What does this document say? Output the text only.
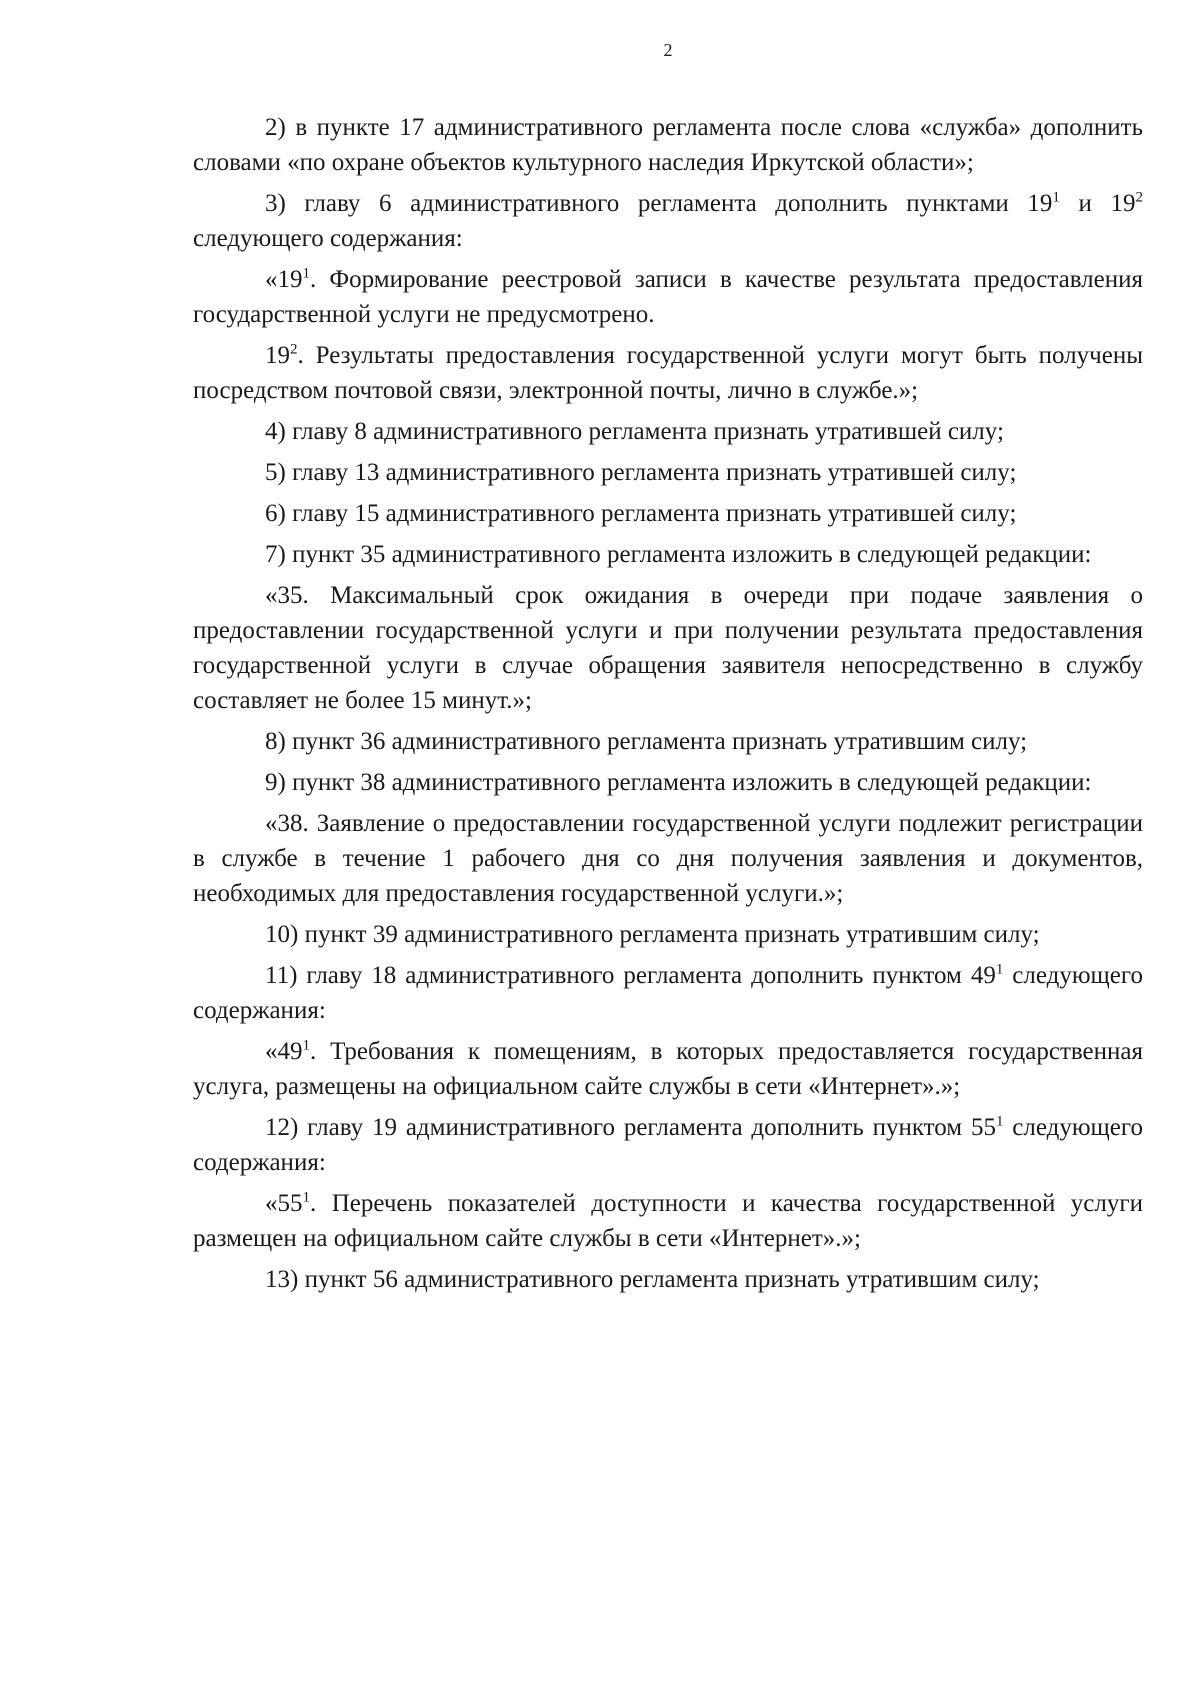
2

2) в пункте 17 административного регламента после слова «служба» дополнить словами «по охране объектов культурного наследия Иркутской области»;

3) главу 6 административного регламента дополнить пунктами $19^1$ и $19^2$ следующего содержания:

«$19^1$. Формирование реестровой записи в качестве результата предоставления государственной услуги не предусмотрено.

$19^2$. Результаты предоставления государственной услуги могут быть получены посредством почтовой связи, электронной почты, лично в службе.»;

4) главу 8 административного регламента признать утратившей силу;

5) главу 13 административного регламента признать утратившей силу;

6) главу 15 административного регламента признать утратившей силу;

7) пункт 35 административного регламента изложить в следующей редакции:

«35. Максимальный срок ожидания в очереди при подаче заявления о предоставлении государственной услуги и при получении результата предоставления государственной услуги в случае обращения заявителя непосредственно в службу составляет не более 15 минут.»;

8) пункт 36 административного регламента признать утратившим силу;

9) пункт 38 административного регламента изложить в следующей редакции:

«38. Заявление о предоставлении государственной услуги подлежит регистрации в службе в течение 1 рабочего дня со дня получения заявления и документов, необходимых для предоставления государственной услуги.»;

10) пункт 39 административного регламента признать утратившим силу;

11) главу 18 административного регламента дополнить пунктом $49^1$ следующего содержания:

«$49^1$. Требования к помещениям, в которых предоставляется государственная услуга, размещены на официальном сайте службы в сети «Интернет».»;

12) главу 19 административного регламента дополнить пунктом $55^1$ следующего содержания:

«$55^1$. Перечень показателей доступности и качества государственной услуги размещен на официальном сайте службы в сети «Интернет».»;

13) пункт 56 административного регламента признать утратившим силу;
